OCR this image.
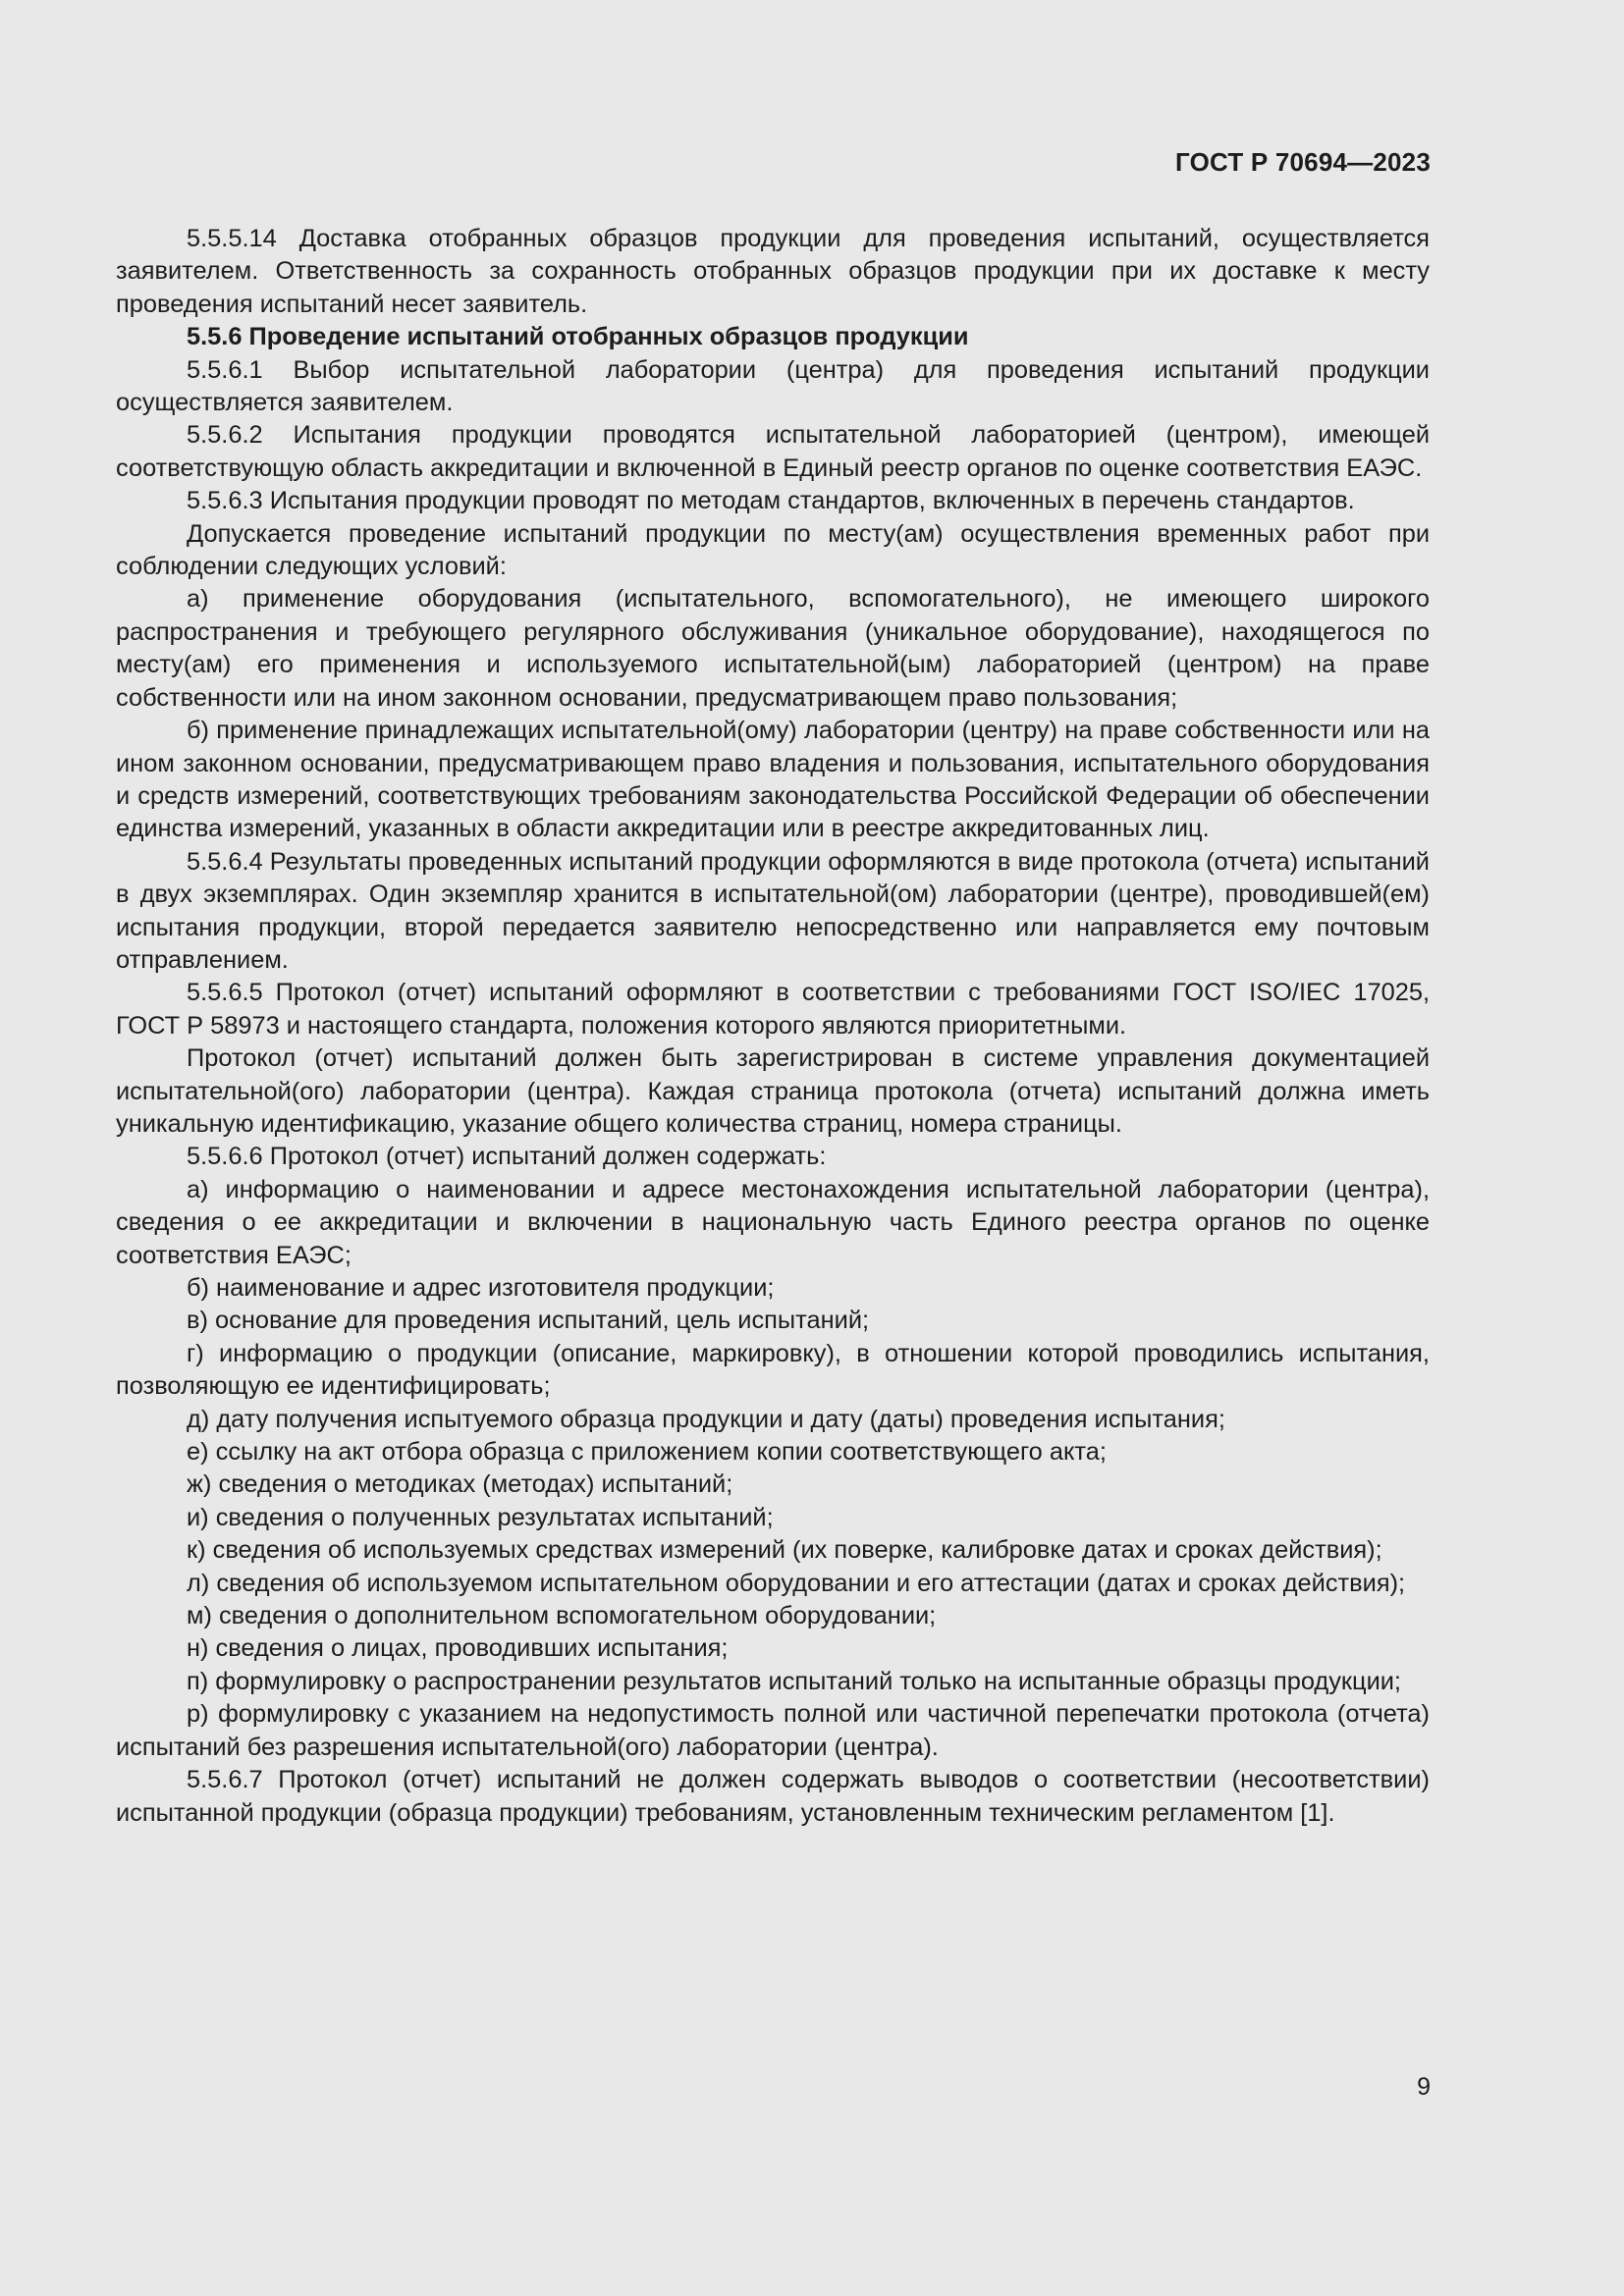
ГОСТ Р 70694—2023

5.5.5.14 Доставка отобранных образцов продукции для проведения испытаний, осуществляется заявителем. Ответственность за сохранность отобранных образцов продукции при их доставке к месту проведения испытаний несет заявитель.

5.5.6 Проведение испытаний отобранных образцов продукции

5.5.6.1 Выбор испытательной лаборатории (центра) для проведения испытаний продукции осуществляется заявителем.

5.5.6.2 Испытания продукции проводятся испытательной лабораторией (центром), имеющей соответствующую область аккредитации и включенной в Единый реестр органов по оценке соответствия ЕАЭС.

5.5.6.3 Испытания продукции проводят по методам стандартов, включенных в перечень стандартов.

Допускается проведение испытаний продукции по месту(ам) осуществления временных работ при соблюдении следующих условий:

а) применение оборудования (испытательного, вспомогательного), не имеющего широкого распространения и требующего регулярного обслуживания (уникальное оборудование), находящегося по месту(ам) его применения и используемого испытательной(ым) лабораторией (центром) на праве собственности или на ином законном основании, предусматривающем право пользования;

б) применение принадлежащих испытательной(ому) лаборатории (центру) на праве собственности или на ином законном основании, предусматривающем право владения и пользования, испытательного оборудования и средств измерений, соответствующих требованиям законодательства Российской Федерации об обеспечении единства измерений, указанных в области аккредитации или в реестре аккредитованных лиц.

5.5.6.4 Результаты проведенных испытаний продукции оформляются в виде протокола (отчета) испытаний в двух экземплярах. Один экземпляр хранится в испытательной(ом) лаборатории (центре), проводившей(ем) испытания продукции, второй передается заявителю непосредственно или направляется ему почтовым отправлением.

5.5.6.5 Протокол (отчет) испытаний оформляют в соответствии с требованиями ГОСТ ISO/IEC 17025, ГОСТ Р 58973 и настоящего стандарта, положения которого являются приоритетными.

Протокол (отчет) испытаний должен быть зарегистрирован в системе управления документацией испытательной(ого) лаборатории (центра). Каждая страница протокола (отчета) испытаний должна иметь уникальную идентификацию, указание общего количества страниц, номера страницы.

5.5.6.6 Протокол (отчет) испытаний должен содержать:

а) информацию о наименовании и адресе местонахождения испытательной лаборатории (центра), сведения о ее аккредитации и включении в национальную часть Единого реестра органов по оценке соответствия ЕАЭС;

б) наименование и адрес изготовителя продукции;

в) основание для проведения испытаний, цель испытаний;

г) информацию о продукции (описание, маркировку), в отношении которой проводились испытания, позволяющую ее идентифицировать;

д) дату получения испытуемого образца продукции и дату (даты) проведения испытания;

е) ссылку на акт отбора образца с приложением копии соответствующего акта;

ж) сведения о методиках (методах) испытаний;

и) сведения о полученных результатах испытаний;

к) сведения об используемых средствах измерений (их поверке, калибровке датах и сроках действия);

л) сведения об используемом испытательном оборудовании и его аттестации (датах и сроках действия);

м) сведения о дополнительном вспомогательном оборудовании;

н) сведения о лицах, проводивших испытания;

п) формулировку о распространении результатов испытаний только на испытанные образцы продукции;

р) формулировку с указанием на недопустимость полной или частичной перепечатки протокола (отчета) испытаний без разрешения испытательной(ого) лаборатории (центра).

5.5.6.7 Протокол (отчет) испытаний не должен содержать выводов о соответствии (несоответствии) испытанной продукции (образца продукции) требованиям, установленным техническим регламентом [1].

9
